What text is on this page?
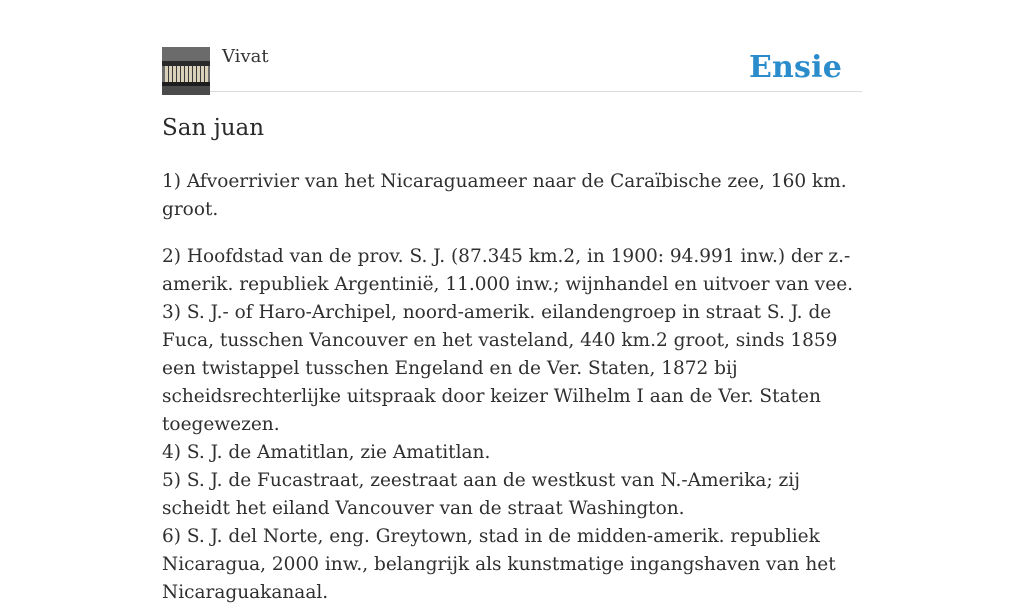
Vivat	Ensie
San juan

1) Afvoerrivier van het Nicaraguameer naar de Caraïbische zee, 160 km. groot.

2) Hoofdstad van de prov. S. J. (87.345 km.2, in 1900: 94.991 inw.) der z.-amerik. republiek Argentinië, 11.000 inw.; wijnhandel en uitvoer van vee.
3) S. J.- of Haro-Archipel, noord-amerik. eilandengroep in straat S. J. de Fuca, tusschen Vancouver en het vasteland, 440 km.2 groot, sinds 1859 een twistappel tusschen Engeland en de Ver. Staten, 1872 bij scheidsrechterlijke uitspraak door keizer Wilhelm I aan de Ver. Staten toegewezen.
4) S. J. de Amatitlan, zie Amatitlan.
5) S. J. de Fucastraat, zeestraat aan de westkust van N.-Amerika; zij scheidt het eiland Vancouver van de straat Washington.
6) S. J. del Norte, eng. Greytown, stad in de midden-amerik. republiek Nicaragua, 2000 inw., belangrijk als kunstmatige ingangshaven van het Nicaraguakanaal.
